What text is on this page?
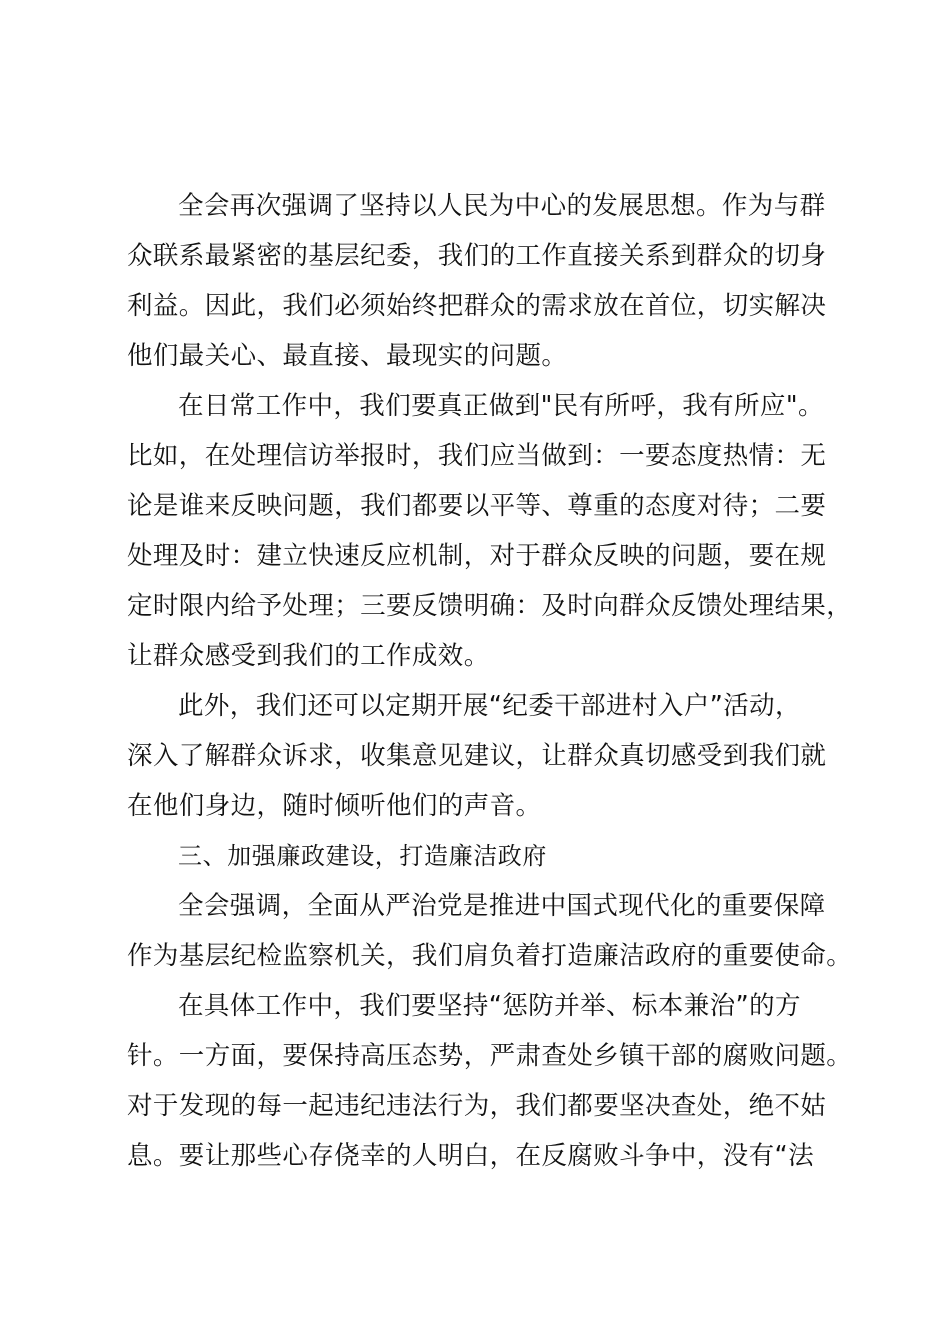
全会再次强调了坚持以人民为中心的发展思想。作为与群
众联系最紧密的基层纪委，我们的工作直接关系到群众的切身
利益。因此，我们必须始终把群众的需求放在首位，切实解决
他们最关心、最直接、最现实的问题。
在日常工作中，我们要真正做到"民有所呼，我有所应"。
比如，在处理信访举报时，我们应当做到：一要态度热情：无
论是谁来反映问题，我们都要以平等、尊重的态度对待；二要
处理及时：建立快速反应机制，对于群众反映的问题，要在规
定时限内给予处理；三要反馈明确：及时向群众反馈处理结果，
让群众感受到我们的工作成效。
此外，我们还可以定期开展“纪委干部进村入户”活动，
深入了解群众诉求，收集意见建议，让群众真切感受到我们就
在他们身边，随时倾听他们的声音。
三、加强廉政建设，打造廉洁政府
全会强调，全面从严治党是推进中国式现代化的重要保障
作为基层纪检监察机关，我们肩负着打造廉洁政府的重要使命。
在具体工作中，我们要坚持“惩防并举、标本兼治”的方
针。一方面，要保持高压态势，严肃查处乡镇干部的腐败问题。
对于发现的每一起违纪违法行为，我们都要坚决查处，绝不姑
息。要让那些心存侥幸的人明白，在反腐败斗争中，没有“法
